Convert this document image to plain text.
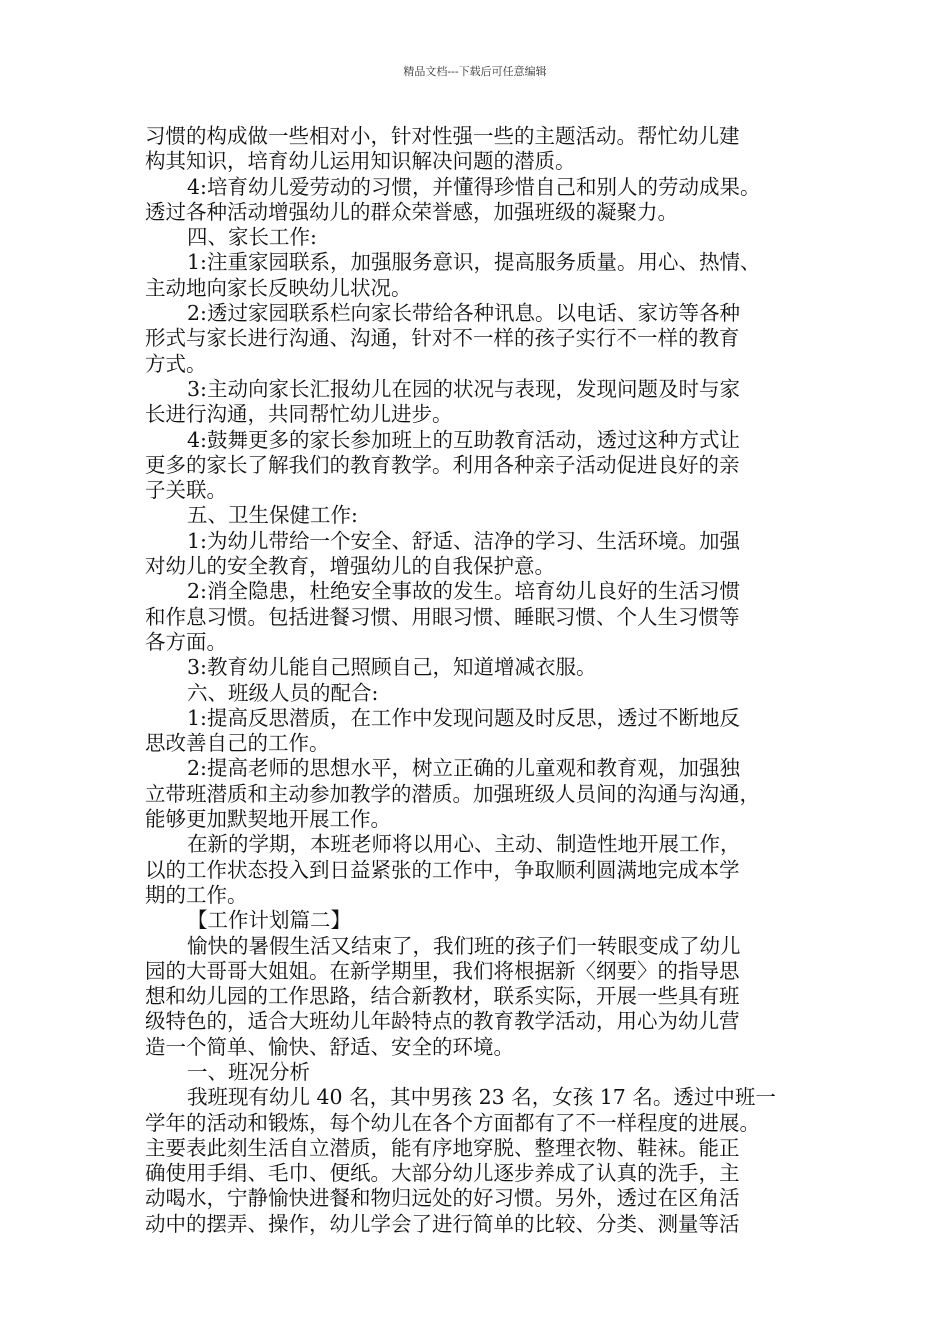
精品文档---下载后可任意编辑
习惯的构成做一些相对小，针对性强一些的主题活动。帮忙幼儿建
构其知识，培育幼儿运用知识解决问题的潜质。
4:培育幼儿爱劳动的习惯，并懂得珍惜自己和别人的劳动成果。
透过各种活动增强幼儿的群众荣誉感，加强班级的凝聚力。
四、家长工作:
1:注重家园联系，加强服务意识，提高服务质量。用心、热情、
主动地向家长反映幼儿状况。
2:透过家园联系栏向家长带给各种讯息。以电话、家访等各种
形式与家长进行沟通、沟通，针对不一样的孩子实行不一样的教育
方式。
3:主动向家长汇报幼儿在园的状况与表现，发现问题及时与家
长进行沟通，共同帮忙幼儿进步。
4:鼓舞更多的家长参加班上的互助教育活动，透过这种方式让
更多的家长了解我们的教育教学。利用各种亲子活动促进良好的亲
子关联。
五、卫生保健工作:
1:为幼儿带给一个安全、舒适、洁净的学习、生活环境。加强
对幼儿的安全教育，增强幼儿的自我保护意。
2:消全隐患，杜绝安全事故的发生。培育幼儿良好的生活习惯
和作息习惯。包括进餐习惯、用眼习惯、睡眠习惯、个人生习惯等
各方面。
3:教育幼儿能自己照顾自己，知道增减衣服。
六、班级人员的配合:
1:提高反思潜质，在工作中发现问题及时反思，透过不断地反
思改善自己的工作。
2:提高老师的思想水平，树立正确的儿童观和教育观，加强独
立带班潜质和主动参加教学的潜质。加强班级人员间的沟通与沟通，
能够更加默契地开展工作。
在新的学期，本班老师将以用心、主动、制造性地开展工作，
以的工作状态投入到日益紧张的工作中，争取顺利圆满地完成本学
期的工作。
【工作计划篇二】
愉快的暑假生活又结束了，我们班的孩子们一转眼变成了幼儿
园的大哥哥大姐姐。在新学期里，我们将根据新〈纲要〉的指导思
想和幼儿园的工作思路，结合新教材，联系实际，开展一些具有班
级特色的，适合大班幼儿年龄特点的教育教学活动，用心为幼儿营
造一个简单、愉快、舒适、安全的环境。
一、班况分析
我班现有幼儿 40 名，其中男孩 23 名，女孩 17 名。透过中班一
学年的活动和锻炼，每个幼儿在各个方面都有了不一样程度的进展。
主要表此刻生活自立潜质，能有序地穿脱、整理衣物、鞋袜。能正
确使用手绢、毛巾、便纸。大部分幼儿逐步养成了认真的洗手，主
动喝水，宁静愉快进餐和物归远处的好习惯。另外，透过在区角活
动中的摆弄、操作，幼儿学会了进行简单的比较、分类、测量等活
